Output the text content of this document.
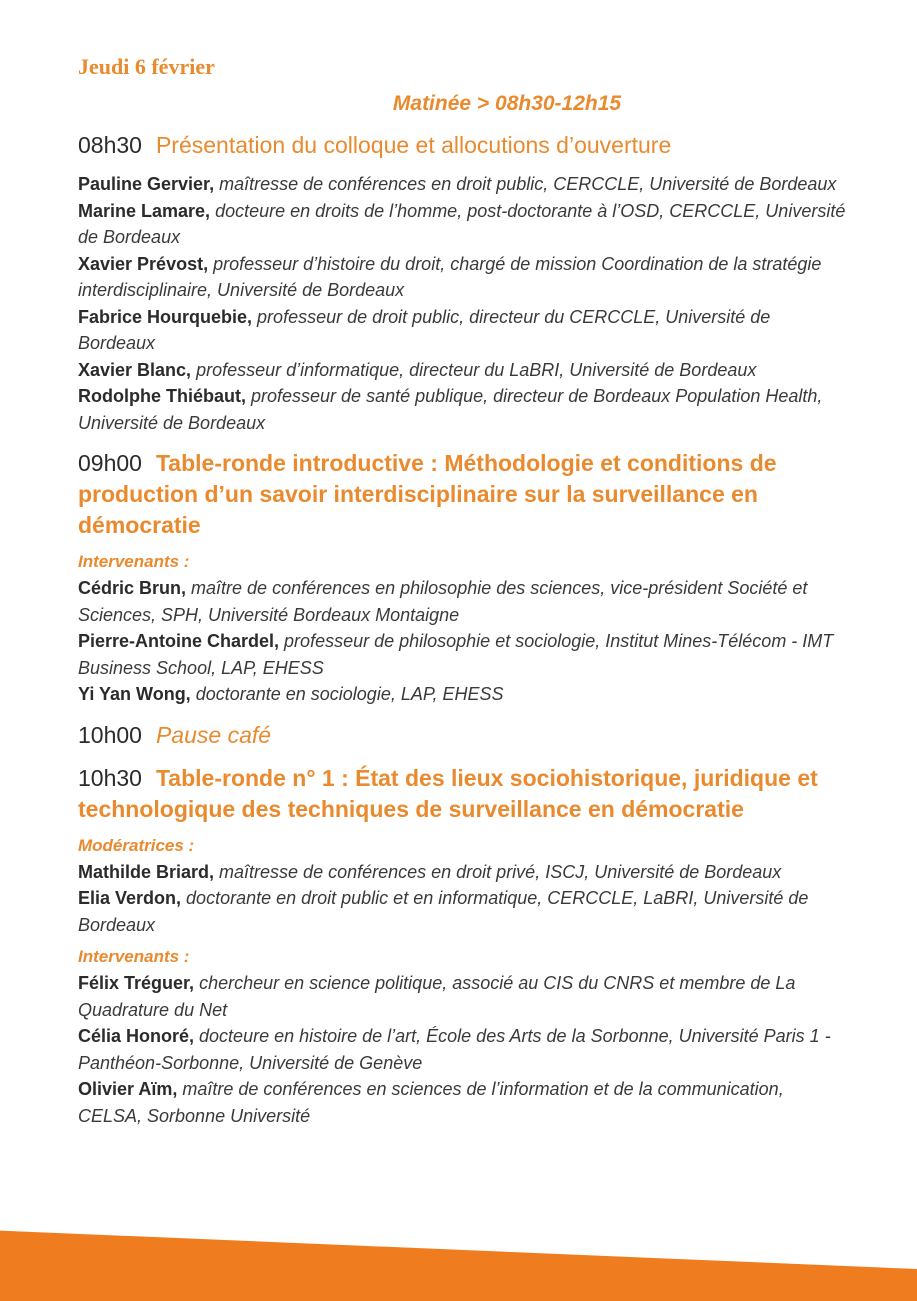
Jeudi 6 février
Matinée > 08h30-12h15
08h30 Présentation du colloque et allocutions d’ouverture

Pauline Gervier, maîtresse de conférences en droit public, CERCCLE, Université de Bordeaux

Marine Lamare, docteure en droits de l’homme, post-doctorante à l’OSD, CERCCLE, Université de Bordeaux

Xavier Prévost, professeur d’histoire du droit, chargé de mission Coordination de la stratégie interdisciplinaire, Université de Bordeaux

Fabrice Hourquebie, professeur de droit public, directeur du CERCCLE, Université de Bordeaux

Xavier Blanc, professeur d’informatique, directeur du LaBRI, Université de Bordeaux

Rodolphe Thiébaut, professeur de santé publique, directeur de Bordeaux Population Health, Université de Bordeaux

09h00 Table-ronde introductive : Méthodologie et conditions de production d’un savoir interdisciplinaire sur la surveillance en démocratie
Intervenants :

Cédric Brun, maître de conférences en philosophie des sciences, vice-président Société et Sciences, SPH, Université Bordeaux Montaigne

Pierre-Antoine Chardel, professeur de philosophie et sociologie, Institut Mines-Télécom - IMT Business School, LAP, EHESS

Yi Yan Wong, doctorante en sociologie, LAP, EHESS

10h00 Pause café
10h30 Table-ronde n° 1 : État des lieux sociohistorique, juridique et technologique des techniques de surveillance en démocratie
Modératrices :

Mathilde Briard, maîtresse de conférences en droit privé, ISCJ, Université de Bordeaux

Elia Verdon, doctorante en droit public et en informatique, CERCCLE, LaBRI, Université de Bordeaux

Intervenants :

Félix Tréguer, chercheur en science politique, associé au CIS du CNRS et membre de La Quadrature du Net

Célia Honoré, docteure en histoire de l’art, École des Arts de la Sorbonne, Université Paris 1 - Panthéon-Sorbonne, Université de Genève

Olivier Aïm, maître de conférences en sciences de l’information et de la communication, CELSA, Sorbonne Université
